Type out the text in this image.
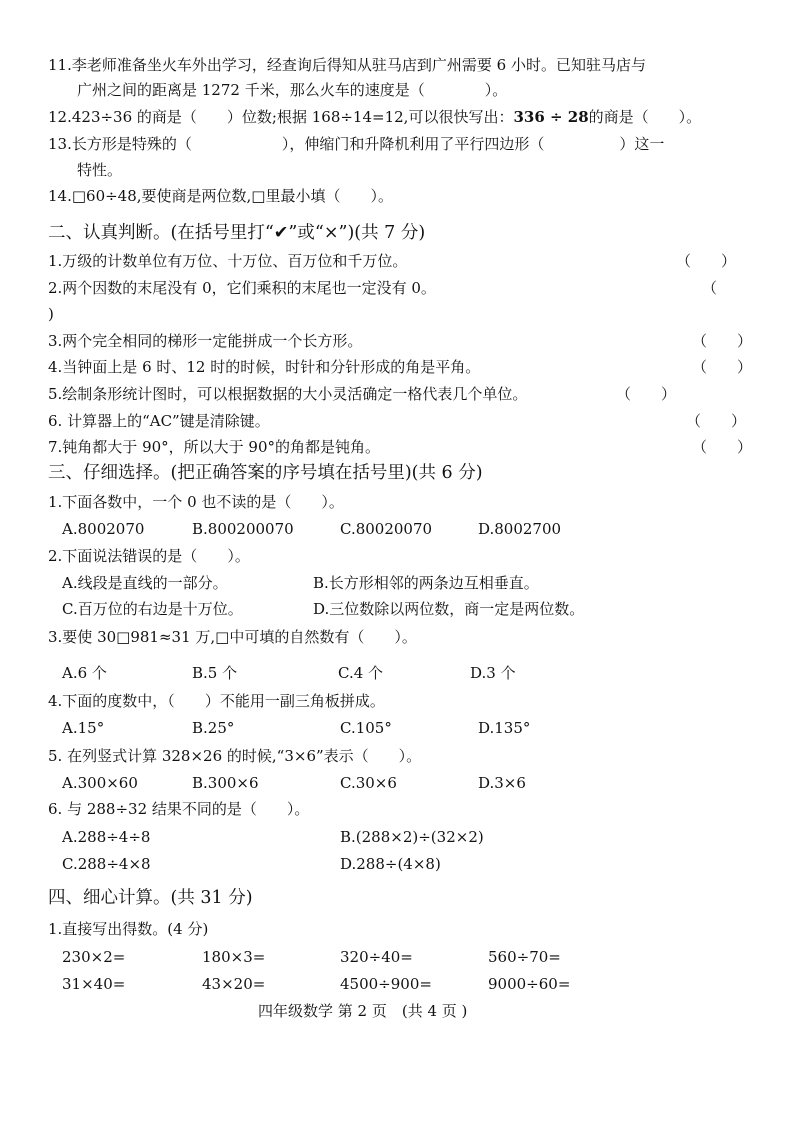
11.李老师准备坐火车外出学习，经查询后得知从驻马店到广州需要 6 小时。已知驻马店与
广州之间的距离是 1272 千米，那么火车的速度是（　　　　）。
12.423÷36 的商是（　　）位数;根据 168÷14=12,可以很快写出：336 ÷ 28的商是（　　）。
13.长方形是特殊的（　　　　　　），伸缩门和升降机利用了平行四边形（　　　　　）这一
特性。
14.□60÷48,要使商是两位数,□里最小填（　　）。
二、认真判断。(在括号里打“✔”或“×”)(共 7 分)
1.万级的计数单位有万位、十万位、百万位和千万位。	（　　）
2.两个因数的末尾没有 0，它们乘积的末尾也一定没有 0。	（
)
3.两个完全相同的梯形一定能拼成一个长方形。	（　　）
4.当钟面上是 6 时、12 时的时候，时针和分针形成的角是平角。	（　　）
5.绘制条形统计图时，可以根据数据的大小灵活确定一格代表几个单位。	（　　）
6. 计算器上的“AC”键是清除键。	（　　）
7.钝角都大于 90°，所以大于 90°的角都是钝角。	（　　）
三、仔细选择。(把正确答案的序号填在括号里)(共 6 分)
1.下面各数中，一个 0 也不读的是（　　）。
A.8002070	B.800200070	C.80020070	D.8002700
2.下面说法错误的是（　　）。
A.线段是直线的一部分。	B.长方形相邻的两条边互相垂直。
C.百万位的右边是十万位。	D.三位数除以两位数，商一定是两位数。
3.要使 30□981≈31 万,□中可填的自然数有（　　）。
A.6 个	B.5 个	C.4 个	D.3 个
4.下面的度数中，（　　）不能用一副三角板拼成。
A.15°	B.25°	C.105°	D.135°
5. 在列竖式计算 328×26 的时候,“3×6”表示（　　）。
A.300×60	B.300×6	C.30×6	D.3×6
6. 与 288÷32 结果不同的是（　　）。
A.288÷4÷8	B.(288×2)÷(32×2)
C.288÷4×8	D.288÷(4×8)
四、细心计算。(共 31 分)
1.直接写出得数。(4 分)
230×2=	180×3=	320÷40=	560÷70=
31×40=	43×20=	4500÷900=	9000÷60=
四年级数学 第 2 页　(共 4 页 )
